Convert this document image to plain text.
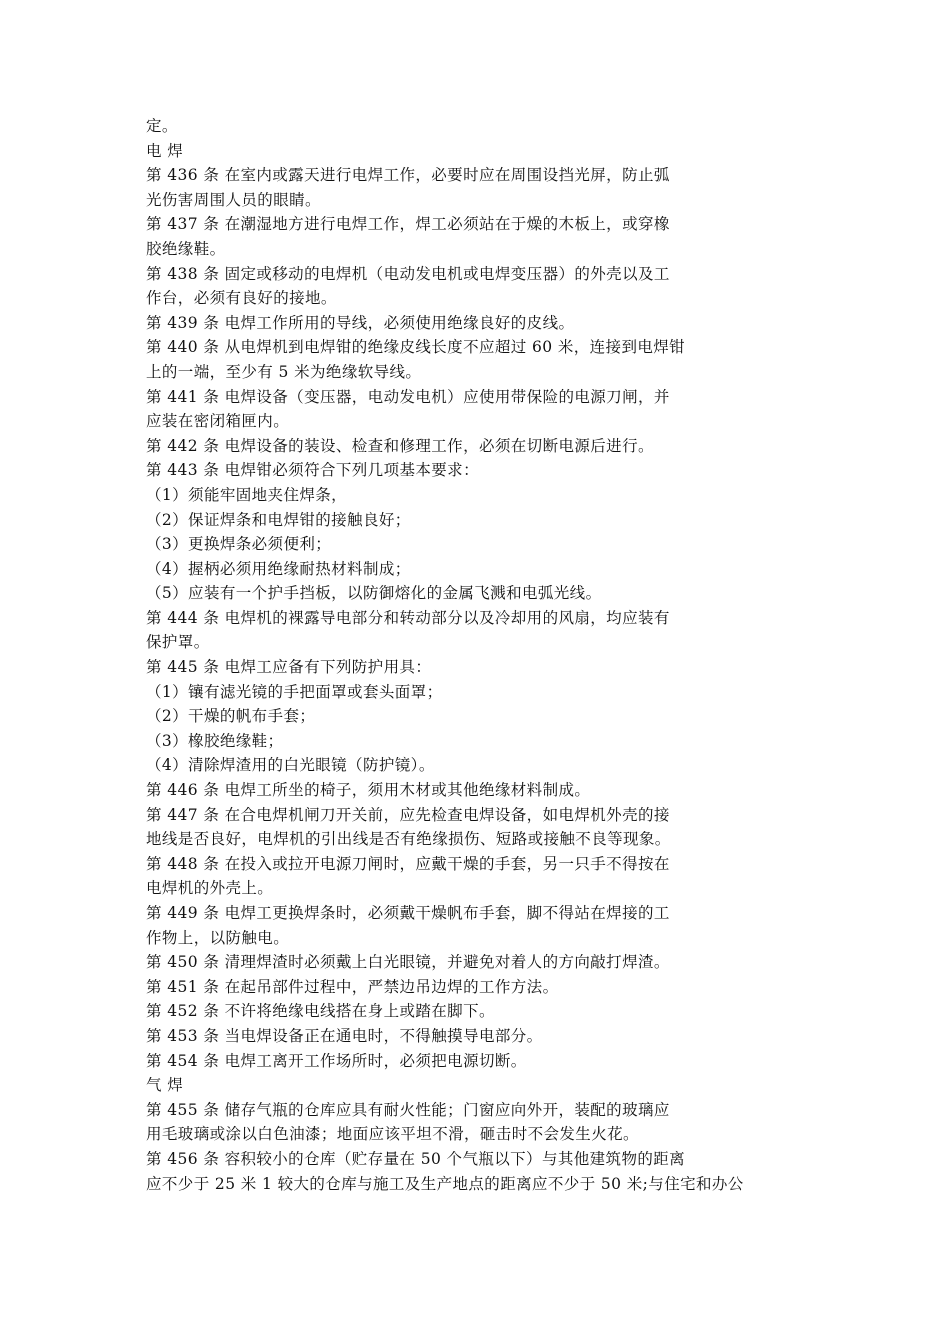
定。
电 焊
第 436 条 在室内或露天进行电焊工作，必要时应在周围设挡光屏，防止弧
光伤害周围人员的眼睛。
第 437 条 在潮湿地方进行电焊工作，焊工必须站在于燥的木板上，或穿橡
胶绝缘鞋。
第 438 条 固定或移动的电焊机（电动发电机或电焊变压器）的外壳以及工
作台，必须有良好的接地。
第 439 条 电焊工作所用的导线，必须使用绝缘良好的皮线。
第 440 条 从电焊机到电焊钳的绝缘皮线长度不应超过 60 米，连接到电焊钳
上的一端，至少有 5 米为绝缘软导线。
第 441 条 电焊设备（变压器，电动发电机）应使用带保险的电源刀闸，并
应装在密闭箱匣内。
第 442 条 电焊设备的装设、检查和修理工作，必须在切断电源后进行。
第 443 条 电焊钳必须符合下列几项基本要求：
（1）须能牢固地夹住焊条，
（2）保证焊条和电焊钳的接触良好；
（3）更换焊条必须便利；
（4）握柄必须用绝缘耐热材料制成；
（5）应装有一个护手挡板，以防御熔化的金属飞溅和电弧光线。
第 444 条 电焊机的裸露导电部分和转动部分以及冷却用的风扇，均应装有
保护罩。
第 445 条 电焊工应备有下列防护用具：
（1）镶有滤光镜的手把面罩或套头面罩；
（2）干燥的帆布手套；
（3）橡胶绝缘鞋；
（4）清除焊渣用的白光眼镜（防护镜）。
第 446 条 电焊工所坐的椅子，须用木材或其他绝缘材料制成。
第 447 条 在合电焊机闸刀开关前，应先检查电焊设备，如电焊机外壳的接
地线是否良好，电焊机的引出线是否有绝缘损伤、短路或接触不良等现象。
第 448 条 在投入或拉开电源刀闸时，应戴干燥的手套，另一只手不得按在
电焊机的外壳上。
第 449 条 电焊工更换焊条时，必须戴干燥帆布手套，脚不得站在焊接的工
作物上，以防触电。
第 450 条 清理焊渣时必须戴上白光眼镜，并避免对着人的方向敲打焊渣。
第 451 条 在起吊部件过程中，严禁边吊边焊的工作方法。
第 452 条 不许将绝缘电线搭在身上或踏在脚下。
第 453 条 当电焊设备正在通电时，不得触摸导电部分。
第 454 条 电焊工离开工作场所时，必须把电源切断。
气 焊
第 455 条 储存气瓶的仓库应具有耐火性能；门窗应向外开，装配的玻璃应
用毛玻璃或涂以白色油漆；地面应该平坦不滑，砸击时不会发生火花。
第 456 条 容积较小的仓库（贮存量在 50 个气瓶以下）与其他建筑物的距离
应不少于 25 米 1 较大的仓库与施工及生产地点的距离应不少于 50 米;与住宅和办公
